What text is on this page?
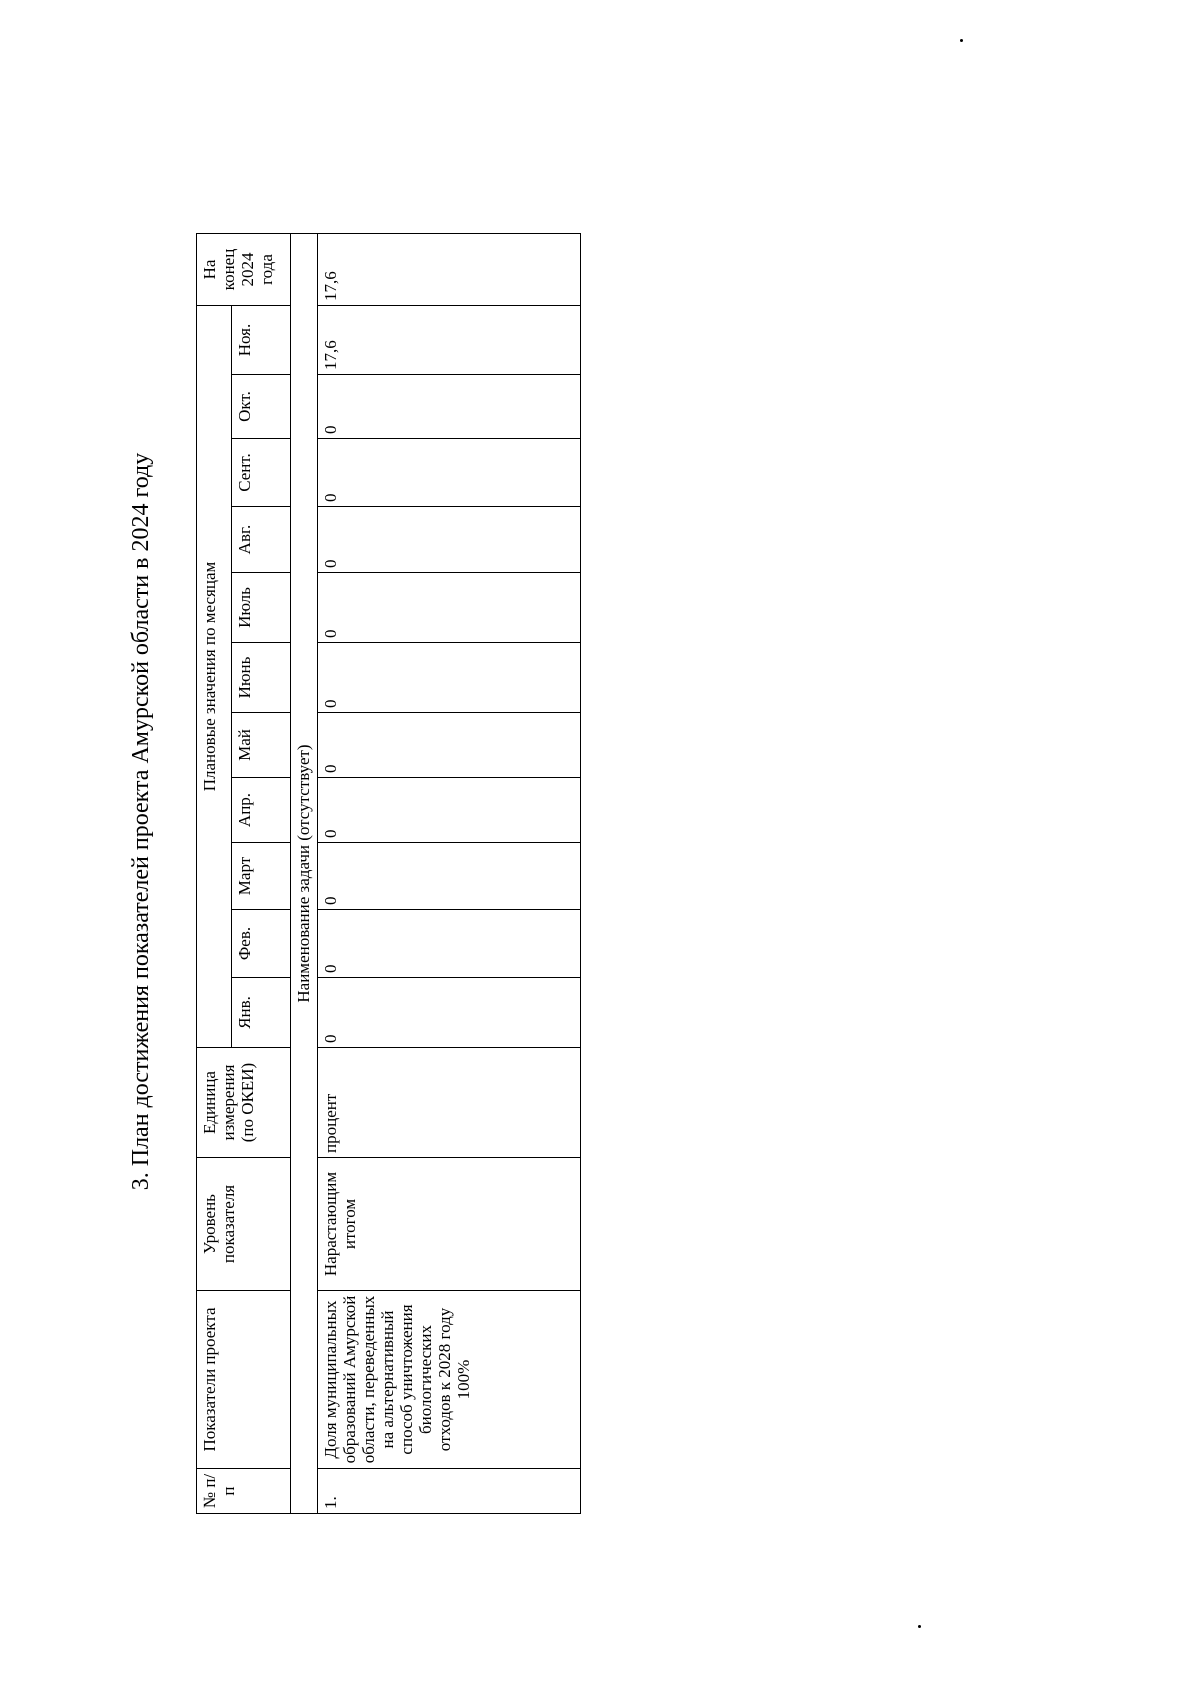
3. План достижения показателей проекта Амурской области в 2024 году
№ п/п	Показатели проекта	Уровень показателя	Единица измерения (по ОКЕИ)	Плановые значения по месяцам											На конец 2024 года
				Янв.	Фев.	Март	Апр.	Май	Июнь	Июль	Авг.	Сент.	Окт.	Ноя.	
Наименование задачи (отсутствует)															
1.	Доля муниципальных образований Амурской области, переведенных на альтернативный способ уничтожения биологических отходов к 2028 году 100%	Нарастающим итогом	процент	0	0	0	0	0	0	0	0	0	0	17,6	17,6
